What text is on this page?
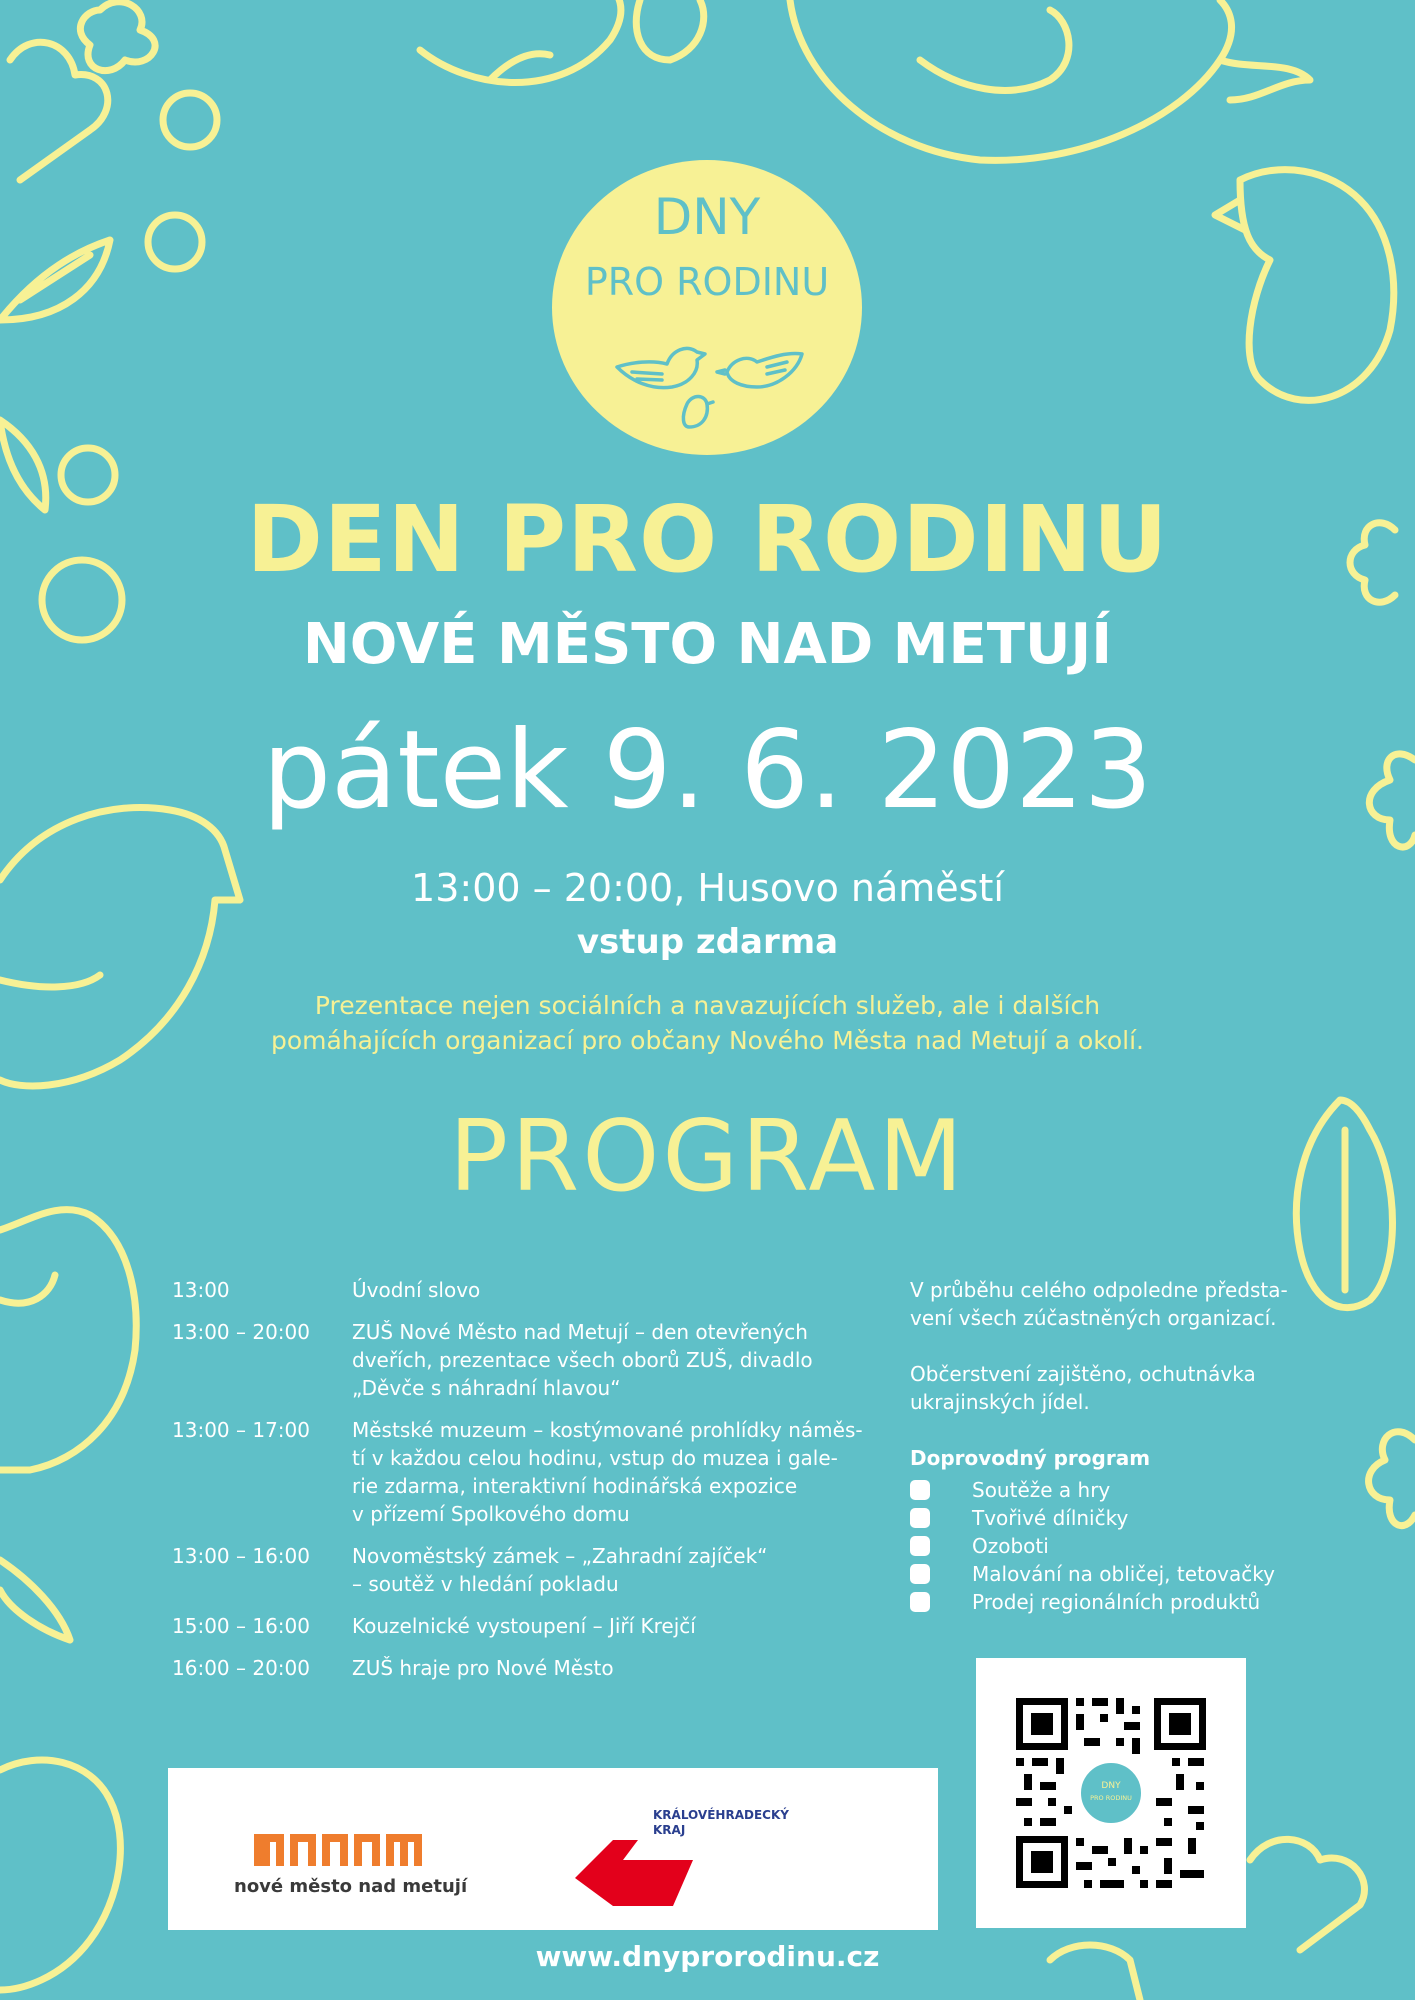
DNY
PRO RODINU
DEN PRO RODINU
NOVÉ MĚSTO NAD METUJÍ
pátek 9. 6. 2023
13:00 – 20:00, Husovo náměstí
vstup zdarma
Prezentace nejen sociálních a navazujících služeb, ale i dalších
pomáhajících organizací pro občany Nového Města nad Metují a okolí.
PROGRAM
13:00	Úvodní slovo
13:00 – 20:00	ZUŠ Nové Město nad Metují – den otevřených
dveřích, prezentace všech oborů ZUŠ, divadlo
„Děvče s náhradní hlavou“
13:00 – 17:00	Městské muzeum – kostýmované prohlídky náměs-
tí v každou celou hodinu, vstup do muzea i gale-
rie zdarma, interaktivní hodinářská expozice
v přízemí Spolkového domu
13:00 – 16:00	Novoměstský zámek – „Zahradní zajíček“
– soutěž v hledání pokladu
15:00 – 16:00	Kouzelnické vystoupení – Jiří Krejčí
16:00 – 20:00	ZUŠ hraje pro Nové Město

V průběhu celého odpoledne předsta-
vení všech zúčastněných organizací.

Občerstvení zajištěno, ochutnávka
ukrajinských jídel.

Doprovodný program

Soutěže a hry
Tvořivé dílničky
Ozoboti
Malování na obličej, tetovačky
Prodej regionálních produktů
nové město nad metují
KRÁLOVÉHRADECKÝ
KRAJ
DNY
PRO RODINU
www.dnyprorodinu.cz
